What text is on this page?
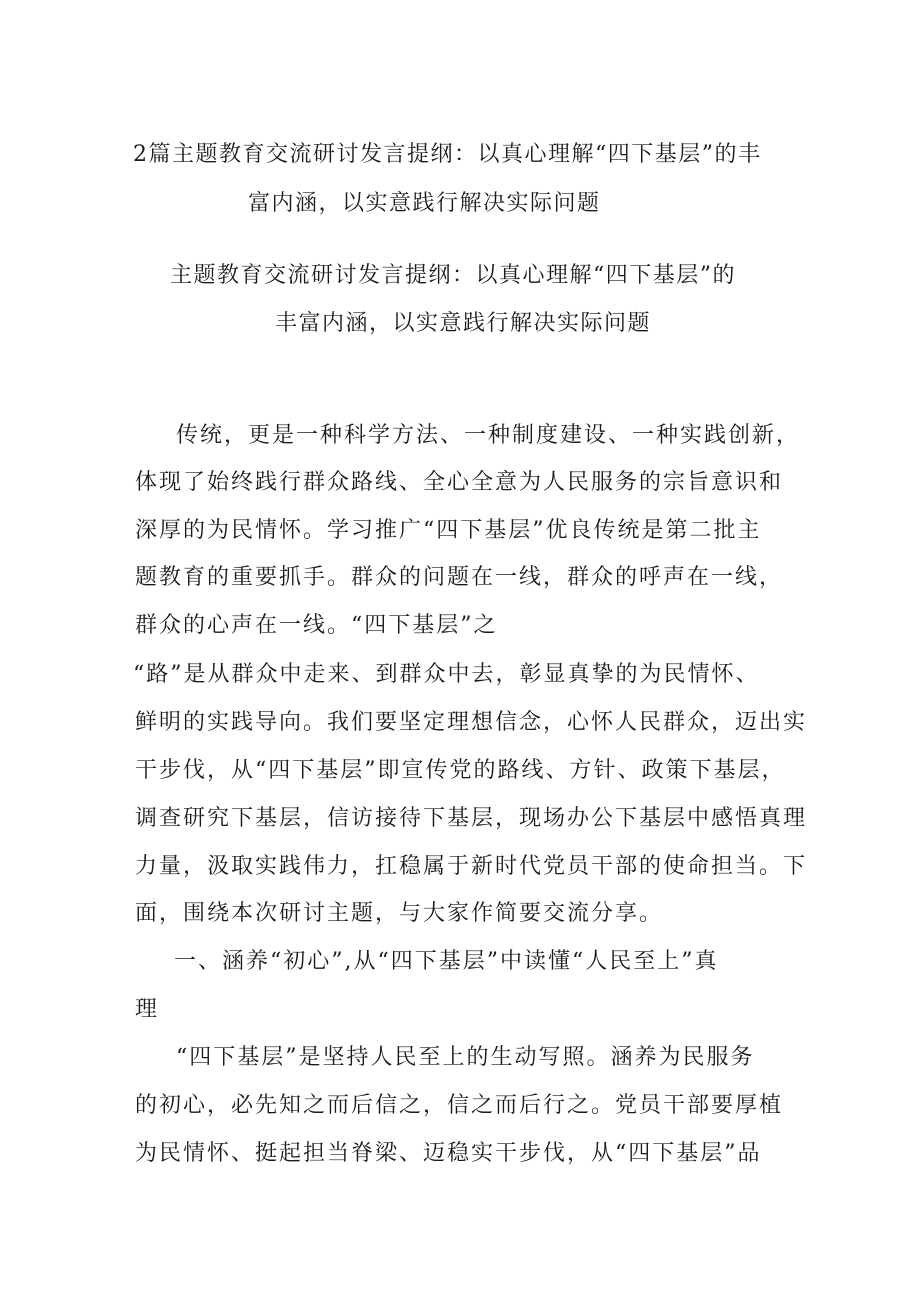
2篇主题教育交流研讨发言提纲：以真心理解“四下基层”的丰
富内涵，以实意践行解决实际问题
主题教育交流研讨发言提纲：以真心理解“四下基层”的
丰富内涵，以实意践行解决实际问题
传统，更是一种科学方法、一种制度建设、一种实践创新，
体现了始终践行群众路线、全心全意为人民服务的宗旨意识和
深厚的为民情怀。学习推广“四下基层”优良传统是第二批主
题教育的重要抓手。群众的问题在一线，群众的呼声在一线，
群众的心声在一线。“四下基层”之
“路”是从群众中走来、到群众中去，彰显真挚的为民情怀、
鲜明的实践导向。我们要坚定理想信念，心怀人民群众，迈出实
干步伐，从“四下基层”即宣传党的路线、方针、政策下基层，
调查研究下基层，信访接待下基层，现场办公下基层中感悟真理
力量，汲取实践伟力，扛稳属于新时代党员干部的使命担当。下
面，围绕本次研讨主题，与大家作简要交流分享。
一、涵养“初心”,从“四下基层”中读懂“人民至上”真
理
“四下基层”是坚持人民至上的生动写照。涵养为民服务
的初心，必先知之而后信之，信之而后行之。党员干部要厚植
为民情怀、挺起担当脊梁、迈稳实干步伐，从“四下基层”品
